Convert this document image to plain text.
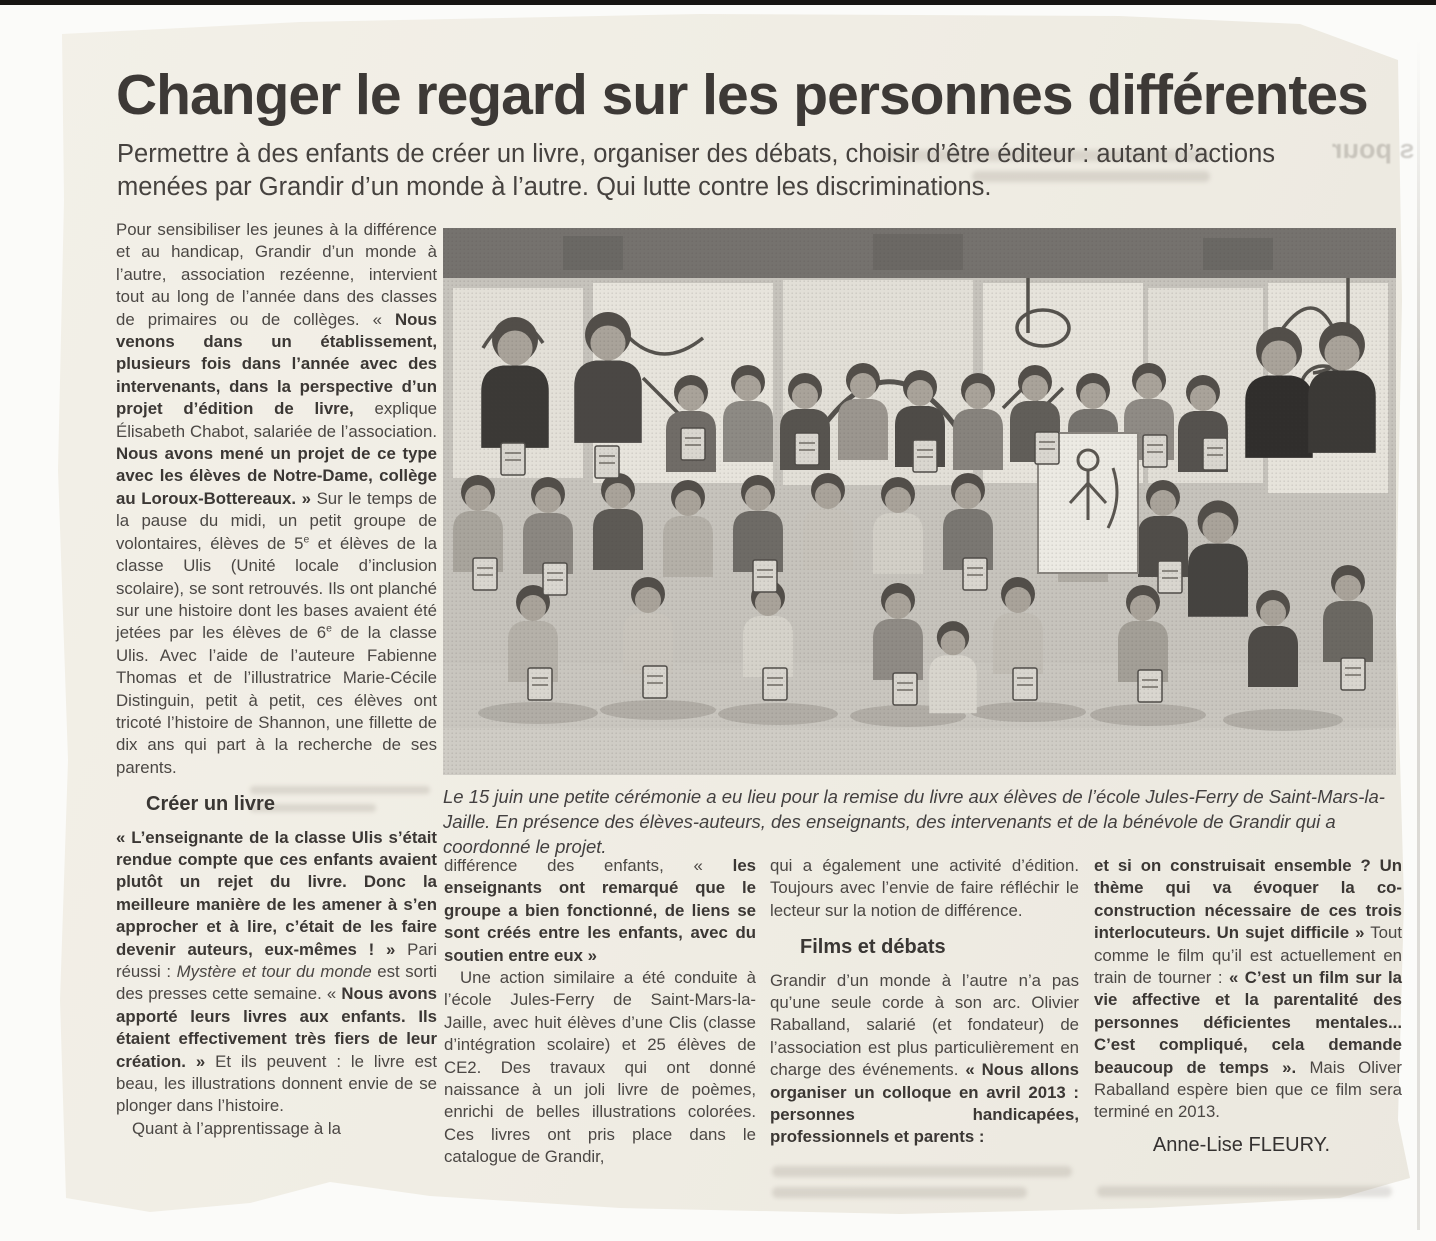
s pour
Changer le regard sur les personnes différentes
Permettre à des enfants de créer un livre, organiser des débats, choisir d’être éditeur : autant d’actions
menées par Grandir d’un monde à l’autre. Qui lutte contre les discriminations.

Pour sensibiliser les jeunes à la différence et au handicap, Grandir d’un monde à l’autre, association rezéenne, intervient tout au long de l’année dans des classes de primaires ou de collèges. « Nous venons dans un établissement, plusieurs fois dans l’année avec des intervenants, dans la perspective d’un projet d’édition de livre, explique Élisabeth Chabot, salariée de l’association. Nous avons mené un projet de ce type avec les élèves de Notre-Dame, collège au Loroux-Bottereaux. » Sur le temps de la pause du midi, un petit groupe de volontaires, élèves de 5e et élèves de la classe Ulis (Unité locale d’inclusion scolaire), se sont retrouvés. Ils ont planché sur une histoire dont les bases avaient été jetées par les élèves de 6e de la classe Ulis. Avec l’aide de l’auteure Fabienne Thomas et de l’illustratrice Marie-Cécile Distinguin, petit à petit, ces élèves ont tricoté l’histoire de Shannon, une fillette de dix ans qui part à la recherche de ses parents.

Créer un livre

« L’enseignante de la classe Ulis s’était rendue compte que ces enfants avaient plutôt un rejet du livre. Donc la meilleure manière de les amener à s’en approcher et à lire, c’était de les faire devenir auteurs, eux-mêmes ! » Pari réussi : Mystère et tour du monde est sorti des presses cette semaine. « Nous avons apporté leurs livres aux enfants. Ils étaient effectivement très fiers de leur création. » Et ils peuvent : le livre est beau, les illustrations donnent envie de se plonger dans l’histoire.

Quant à l’apprentissage à la

Le 15 juin une petite cérémonie a eu lieu pour la remise du livre aux élèves de l’école Jules-Ferry de Saint-Mars-la-Jaille. En présence des élèves-auteurs, des enseignants, des intervenants et de la bénévole de Grandir qui a coordonné le projet.

différence des enfants, « les enseignants ont remarqué que le groupe a bien fonctionné, de liens se sont créés entre les enfants, avec du soutien entre eux »

Une action similaire a été conduite à l’école Jules-Ferry de Saint-Mars-la-Jaille, avec huit élèves d’une Clis (classe d’intégration scolaire) et 25 élèves de CE2. Des travaux qui ont donné naissance à un joli livre de poèmes, enrichi de belles illustrations colorées. Ces livres ont pris place dans le catalogue de Grandir,

qui a également une activité d’édition. Toujours avec l’envie de faire réfléchir le lecteur sur la notion de différence.

Films et débats

Grandir d’un monde à l’autre n’a pas qu’une seule corde à son arc. Olivier Raballand, salarié (et fondateur) de l’association est plus particulièrement en charge des événements. « Nous allons organiser un colloque en avril 2013 : personnes handicapées, professionnels et parents :

et si on construisait ensemble ? Un thème qui va évoquer la co-construction nécessaire de ces trois interlocuteurs. Un sujet difficile » Tout comme le film qu’il est actuellement en train de tourner : « C’est un film sur la vie affective et la parentalité des personnes déficientes mentales... C’est compliqué, cela demande beaucoup de temps ». Mais Oliver Raballand espère bien que ce film sera terminé en 2013.

Anne-Lise FLEURY.
